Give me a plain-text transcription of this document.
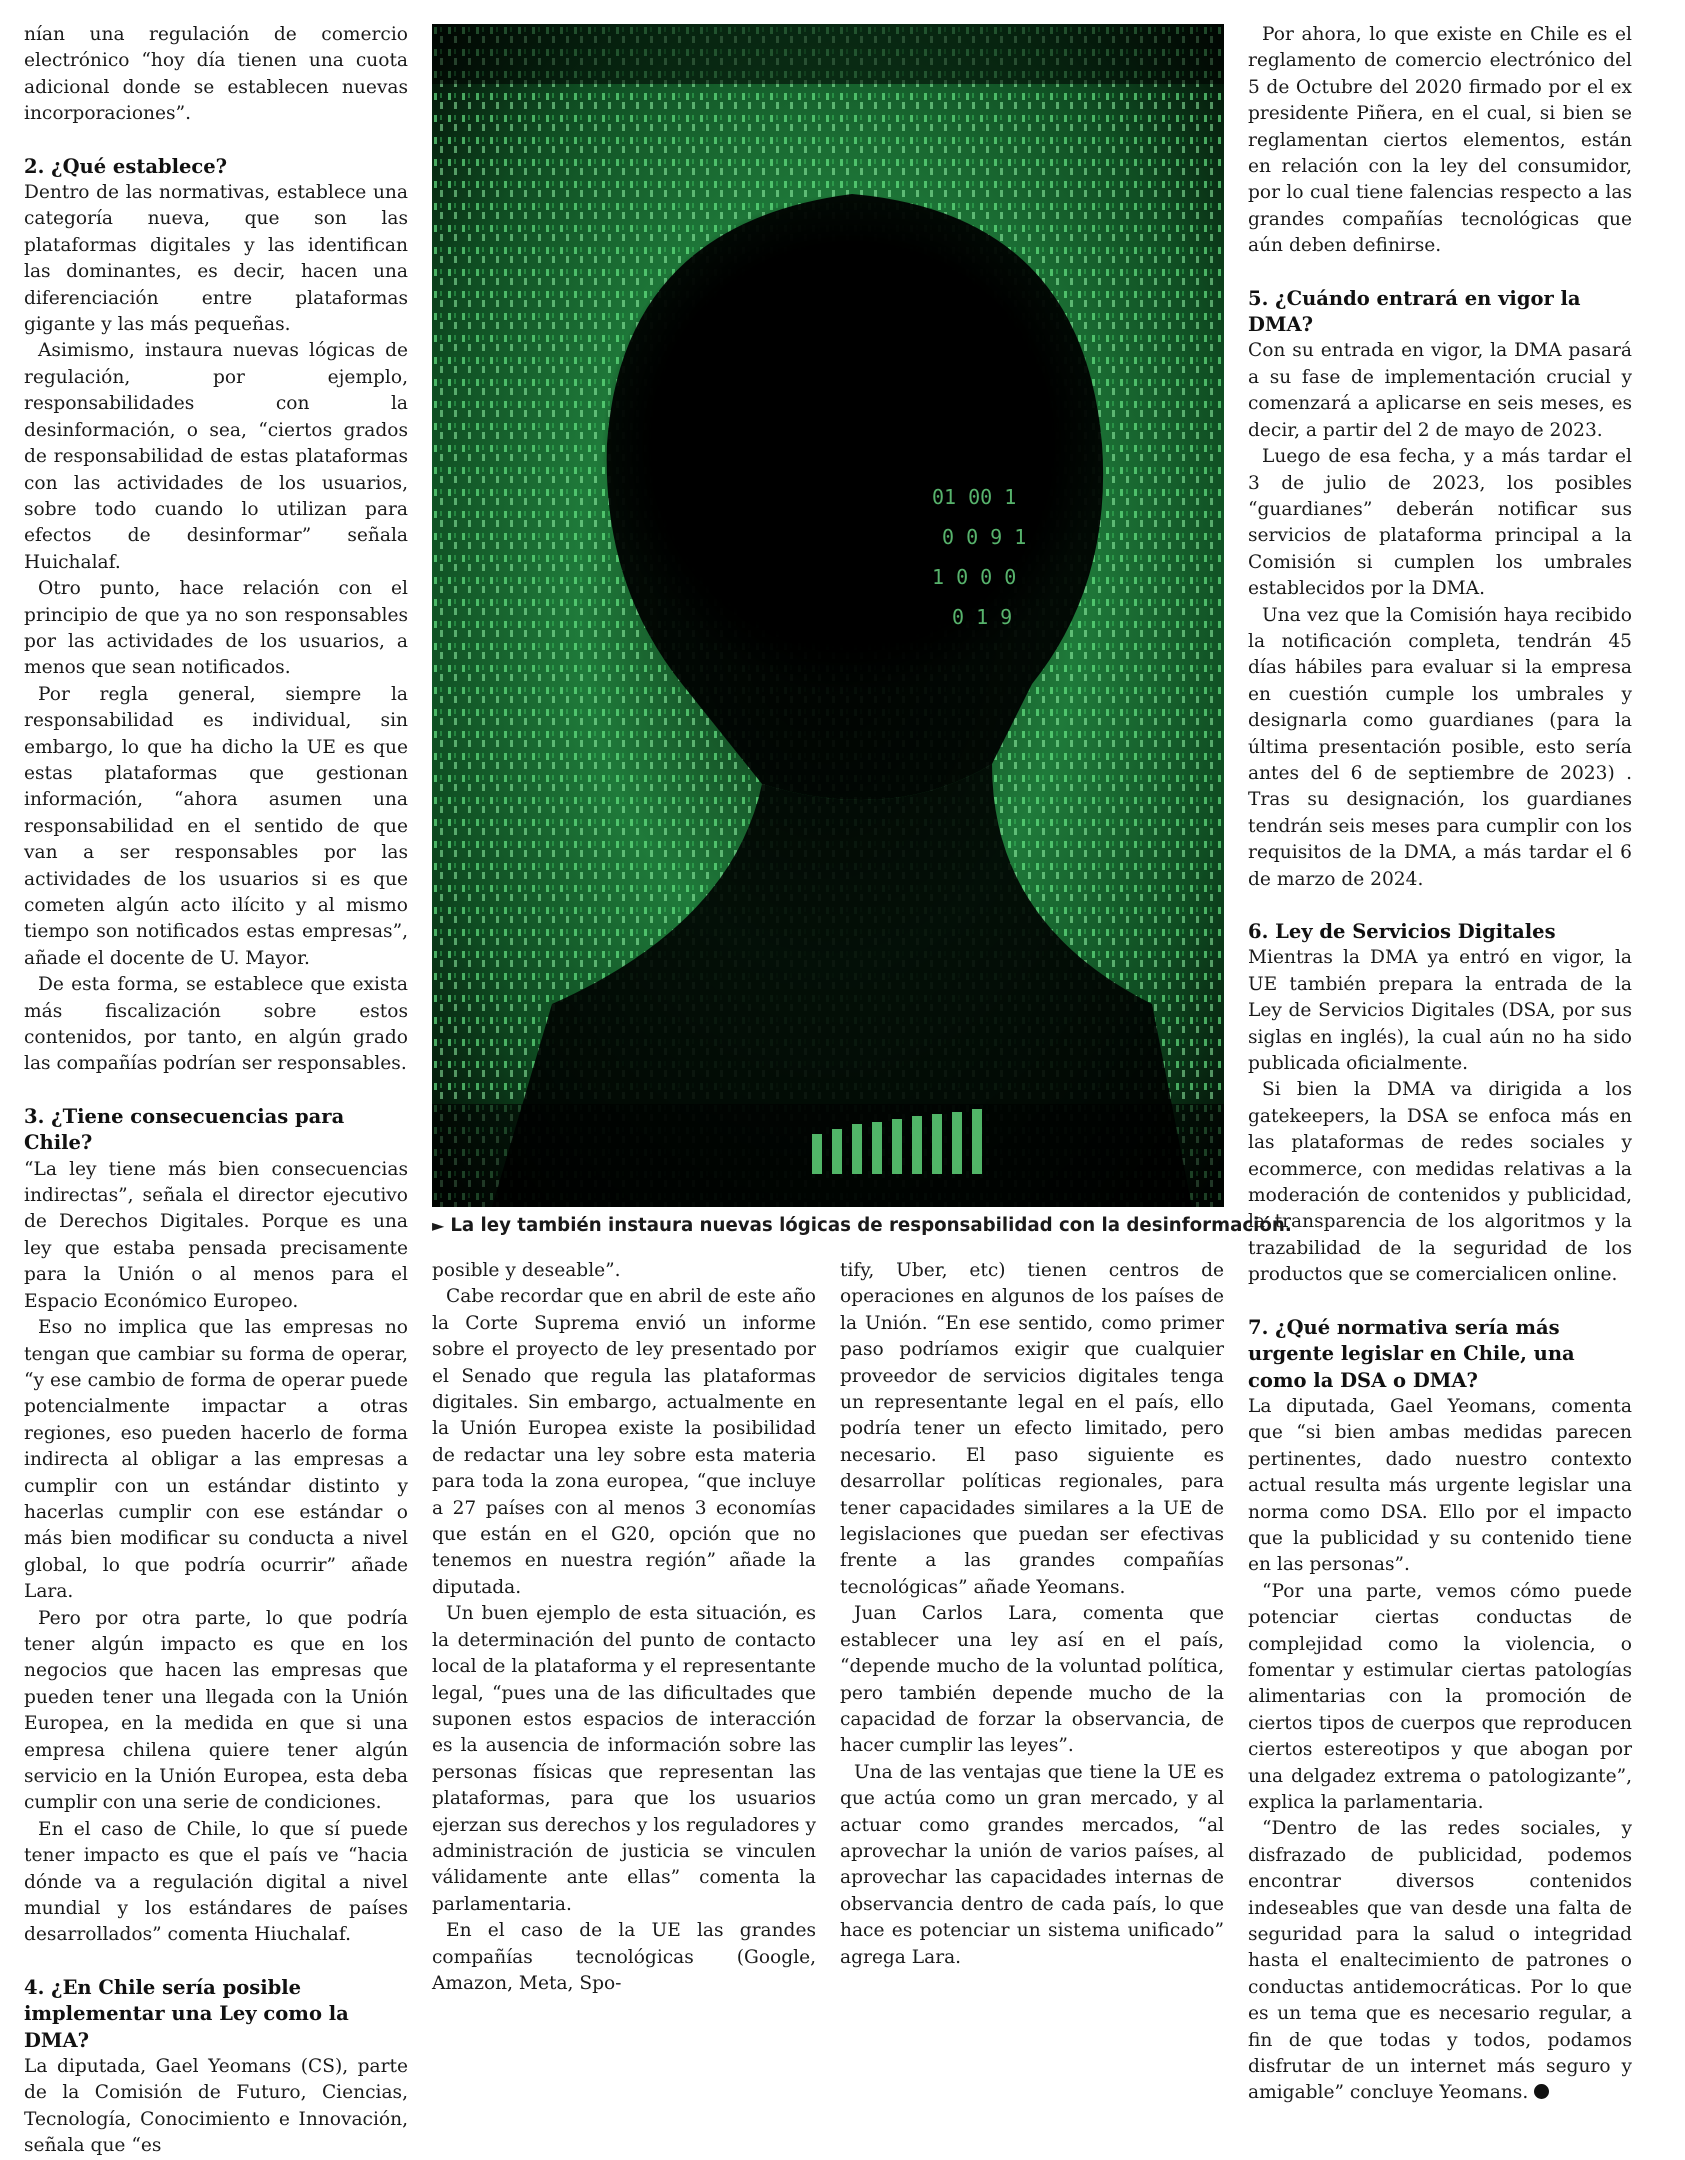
nían una regulación de comercio electrónico “hoy día tienen una cuota adicional donde se establecen nuevas incorporaciones”.

2. ¿Qué establece?

Dentro de las normativas, establece una categoría nueva, que son las plataformas digitales y las identifican las dominantes, es decir, hacen una diferenciación entre plataformas gigante y las más pequeñas.

Asimismo, instaura nuevas lógicas de regulación, por ejemplo, responsabilidades con la desinformación, o sea, “ciertos grados de responsabilidad de estas plataformas con las actividades de los usuarios, sobre todo cuando lo utilizan para efectos de desinformar” señala Huichalaf.

Otro punto, hace relación con el principio de que ya no son responsables por las actividades de los usuarios, a menos que sean notificados.

Por regla general, siempre la responsabilidad es individual, sin embargo, lo que ha dicho la UE es que estas plataformas que gestionan información, “ahora asumen una responsabilidad en el sentido de que van a ser responsables por las actividades de los usuarios si es que cometen algún acto ilícito y al mismo tiempo son notificados estas empresas”, añade el docente de U. Mayor.

De esta forma, se establece que exista más fiscalización sobre estos contenidos, por tanto, en algún grado las compañías podrían ser responsables.

3. ¿Tiene consecuencias para Chile?

“La ley tiene más bien consecuencias indirectas”, señala el director ejecutivo de Derechos Digitales. Porque es una ley que estaba pensada precisamente para la Unión o al menos para el Espacio Económico Europeo.

Eso no implica que las empresas no tengan que cambiar su forma de operar, “y ese cambio de forma de operar puede potencialmente impactar a otras regiones, eso pueden hacerlo de forma indirecta al obligar a las empresas a cumplir con un estándar distinto y hacerlas cumplir con ese estándar o más bien modificar su conducta a nivel global, lo que podría ocurrir” añade Lara.

Pero por otra parte, lo que podría tener algún impacto es que en los negocios que hacen las empresas que pueden tener una llegada con la Unión Europea, en la medida en que si una empresa chilena quiere tener algún servicio en la Unión Europea, esta deba cumplir con una serie de condiciones.

En el caso de Chile, lo que sí puede tener impacto es que el país ve “hacia dónde va a regulación digital a nivel mundial y los estándares de países desarrollados” comenta Hiuchalaf.

4. ¿En Chile sería posible implementar una Ley como la DMA?

La diputada, Gael Yeomans (CS), parte de la Comisión de Futuro, Ciencias, Tecnología, Conocimiento e Innovación, señala que “es

01 00 1
0 0 9 1
1 0 0 0
0 1 9
► La ley también instaura nuevas lógicas de responsabilidad con la desinformación.

posible y deseable”.

Cabe recordar que en abril de este año la Corte Suprema envió un informe sobre el proyecto de ley presentado por el Senado que regula las plataformas digitales. Sin embargo, actualmente en la Unión Europea existe la posibilidad de redactar una ley sobre esta materia para toda la zona europea, “que incluye a 27 países con al menos 3 economías que están en el G20, opción que no tenemos en nuestra región” añade la diputada.

Un buen ejemplo de esta situación, es la determinación del punto de contacto local de la plataforma y el representante legal, “pues una de las dificultades que suponen estos espacios de interacción es la ausencia de información sobre las personas físicas que representan las plataformas, para que los usuarios ejerzan sus derechos y los reguladores y administración de justicia se vinculen válidamente ante ellas” comenta la parlamentaria.

En el caso de la UE las grandes compañías tecnológicas (Google, Amazon, Meta, Spo-

tify, Uber, etc) tienen centros de operaciones en algunos de los países de la Unión. “En ese sentido, como primer paso podríamos exigir que cualquier proveedor de servicios digitales tenga un representante legal en el país, ello podría tener un efecto limitado, pero necesario. El paso siguiente es desarrollar políticas regionales, para tener capacidades similares a la UE de legislaciones que puedan ser efectivas frente a las grandes compañías tecnológicas” añade Yeomans.

Juan Carlos Lara, comenta que establecer una ley así en el país, “depende mucho de la voluntad política, pero también depende mucho de la capacidad de forzar la observancia, de hacer cumplir las leyes”.

Una de las ventajas que tiene la UE es que actúa como un gran mercado, y al actuar como grandes mercados, “al aprovechar la unión de varios países, al aprovechar las capacidades internas de observancia dentro de cada país, lo que hace es potenciar un sistema unificado” agrega Lara.

Por ahora, lo que existe en Chile es el reglamento de comercio electrónico del 5 de Octubre del 2020 firmado por el ex presidente Piñera, en el cual, si bien se reglamentan ciertos elementos, están en relación con la ley del consumidor, por lo cual tiene falencias respecto a las grandes compañías tecnológicas que aún deben definirse.

5. ¿Cuándo entrará en vigor la DMA?

Con su entrada en vigor, la DMA pasará a su fase de implementación crucial y comenzará a aplicarse en seis meses, es decir, a partir del 2 de mayo de 2023.

Luego de esa fecha, y a más tardar el 3 de julio de 2023, los posibles “guardianes” deberán notificar sus servicios de plataforma principal a la Comisión si cumplen los umbrales establecidos por la DMA.

Una vez que la Comisión haya recibido la notificación completa, tendrán 45 días hábiles para evaluar si la empresa en cuestión cumple los umbrales y designarla como guardianes (para la última presentación posible, esto sería antes del 6 de septiembre de 2023) . Tras su designación, los guardianes tendrán seis meses para cumplir con los requisitos de la DMA, a más tardar el 6 de marzo de 2024.

6. Ley de Servicios Digitales

Mientras la DMA ya entró en vigor, la UE también prepara la entrada de la Ley de Servicios Digitales (DSA, por sus siglas en inglés), la cual aún no ha sido publicada oficialmente.

Si bien la DMA va dirigida a los gatekeepers, la DSA se enfoca más en las plataformas de redes sociales y ecommerce, con medidas relativas a la moderación de contenidos y publicidad, la transparencia de los algoritmos y la trazabilidad de la seguridad de los productos que se comercialicen online.

7. ¿Qué normativa sería más urgente legislar en Chile, una como la DSA o DMA?

La diputada, Gael Yeomans, comenta que “si bien ambas medidas parecen pertinentes, dado nuestro contexto actual resulta más urgente legislar una norma como DSA. Ello por el impacto que la publicidad y su contenido tiene en las personas”.

“Por una parte, vemos cómo puede potenciar ciertas conductas de complejidad como la violencia, o fomentar y estimular ciertas patologías alimentarias con la promoción de ciertos tipos de cuerpos que reproducen ciertos estereotipos y que abogan por una delgadez extrema o patologizante”, explica la parlamentaria.

“Dentro de las redes sociales, y disfrazado de publicidad, podemos encontrar diversos contenidos indeseables que van desde una falta de seguridad para la salud o integridad hasta el enaltecimiento de patrones o conductas antidemocráticas. Por lo que es un tema que es necesario regular, a fin de que todas y todos, podamos disfrutar de un internet más seguro y amigable” concluye Yeomans.
